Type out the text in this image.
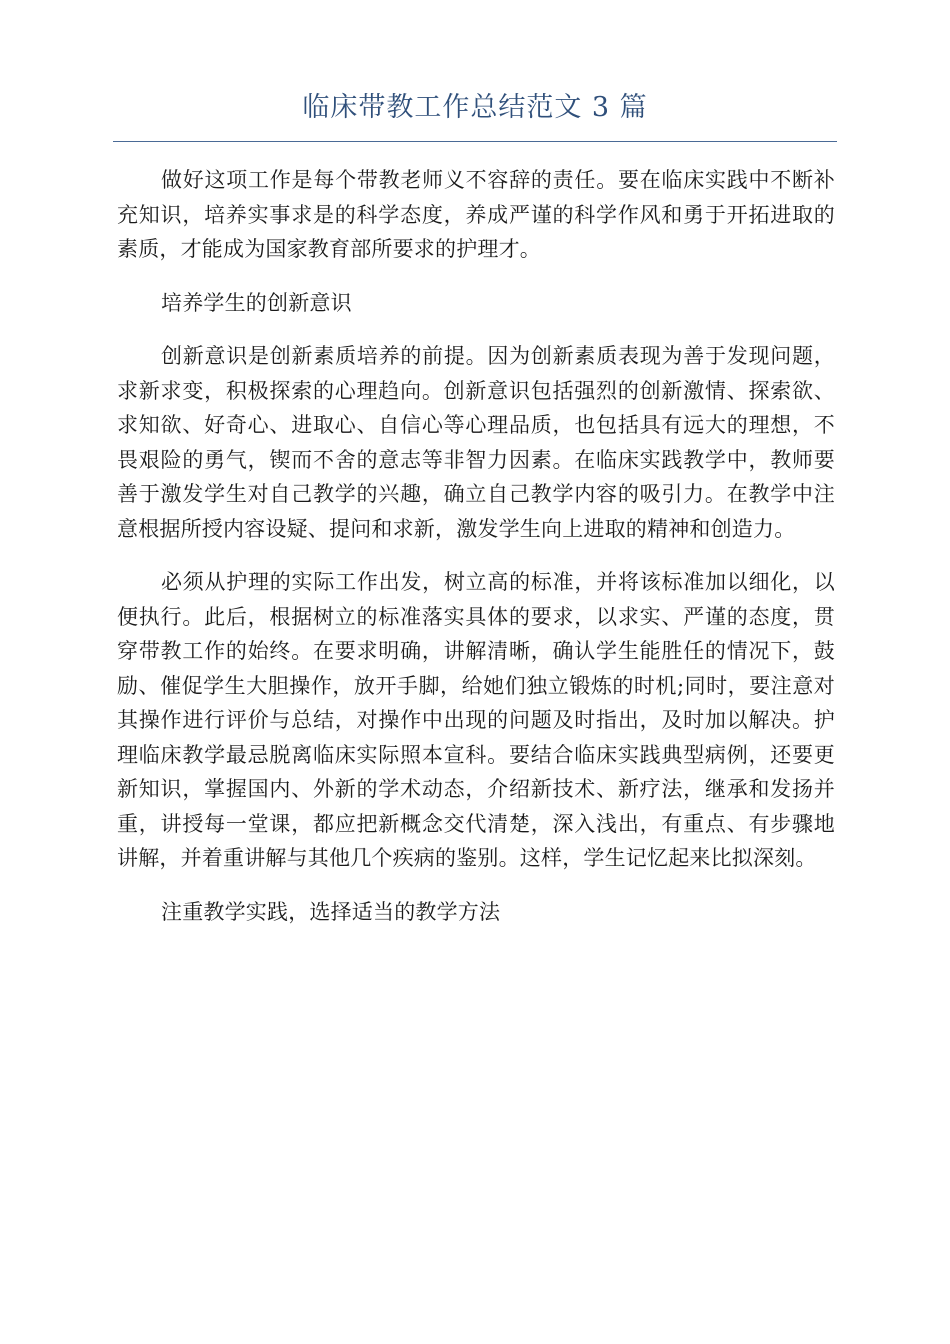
临床带教工作总结范文 3 篇

做好这项工作是每个带教老师义不容辞的责任。要在临床实践中不断补充知识，培养实事求是的科学态度，养成严谨的科学作风和勇于开拓进取的素质，才能成为国家教育部所要求的护理才。

培养学生的创新意识

创新意识是创新素质培养的前提。因为创新素质表现为善于发现问题，求新求变，积极探索的心理趋向。创新意识包括强烈的创新激情、探索欲、求知欲、好奇心、进取心、自信心等心理品质，也包括具有远大的理想，不畏艰险的勇气，锲而不舍的意志等非智力因素。在临床实践教学中，教师要善于激发学生对自己教学的兴趣，确立自己教学内容的吸引力。在教学中注意根据所授内容设疑、提问和求新，激发学生向上进取的精神和创造力。

必须从护理的实际工作出发，树立高的标准，并将该标准加以细化，以便执行。此后，根据树立的标准落实具体的要求，以求实、严谨的态度，贯穿带教工作的始终。在要求明确，讲解清晰，确认学生能胜任的情况下，鼓励、催促学生大胆操作，放开手脚，给她们独立锻炼的时机;同时，要注意对其操作进行评价与总结，对操作中出现的问题及时指出，及时加以解决。护理临床教学最忌脱离临床实际照本宣科。要结合临床实践典型病例，还要更新知识，掌握国内、外新的学术动态，介绍新技术、新疗法，继承和发扬并重，讲授每一堂课，都应把新概念交代清楚，深入浅出，有重点、有步骤地讲解，并着重讲解与其他几个疾病的鉴别。这样，学生记忆起来比拟深刻。

注重教学实践，选择适当的教学方法
